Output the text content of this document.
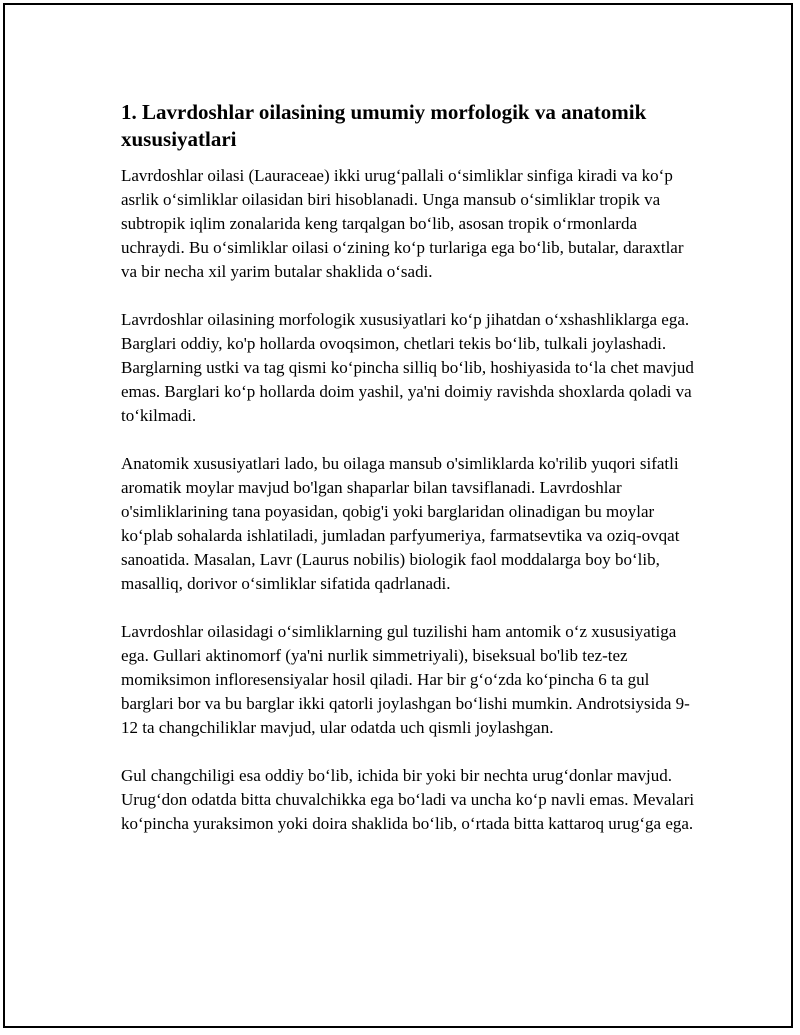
1. Lavrdoshlar oilasining umumiy morfologik va anatomik xususiyatlari

Lavrdoshlar oilasi (Lauraceae) ikki urug‘pallali o‘simliklar sinfiga kiradi va ko‘p asrlik o‘simliklar oilasidan biri hisoblanadi. Unga mansub o‘simliklar tropik va subtropik iqlim zonalarida keng tarqalgan bo‘lib, asosan tropik o‘rmonlarda uchraydi. Bu o‘simliklar oilasi o‘zining ko‘p turlariga ega bo‘lib, butalar, daraxtlar va bir necha xil yarim butalar shaklida o‘sadi.

Lavrdoshlar oilasining morfologik xususiyatlari ko‘p jihatdan o‘xshashliklarga ega. Barglari oddiy, ko'p hollarda ovoqsimon, chetlari tekis bo‘lib, tulkali joylashadi. Barglarning ustki va tag qismi ko‘pincha silliq bo‘lib, hoshiyasida to‘la chet mavjud emas. Barglari ko‘p hollarda doim yashil, ya'ni doimiy ravishda shoxlarda qoladi va to‘kilmadi.

Anatomik xususiyatlari lado, bu oilaga mansub o'simliklarda ko'rilib yuqori sifatli aromatik moylar mavjud bo'lgan shaparlar bilan tavsiflanadi. Lavrdoshlar o'simliklarining tana poyasidan, qobig'i yoki barglaridan olinadigan bu moylar ko‘plab sohalarda ishlatiladi, jumladan parfyumeriya, farmatsevtika va oziq-ovqat sanoatida. Masalan, Lavr (Laurus nobilis) biologik faol moddalarga boy bo‘lib, masalliq, dorivor o‘simliklar sifatida qadrlanadi.

Lavrdoshlar oilasidagi o‘simliklarning gul tuzilishi ham antomik o‘z xususiyatiga ega. Gullari aktinomorf (ya'ni nurlik simmetriyali), biseksual bo'lib tez-tez momiksimon infloresensiyalar hosil qiladi. Har bir g‘o‘zda ko‘pincha 6 ta gul barglari bor va bu barglar ikki qatorli joylashgan bo‘lishi mumkin. Androtsiysida 9-12 ta changchiliklar mavjud, ular odatda uch qismli joylashgan.

Gul changchiligi esa oddiy bo‘lib, ichida bir yoki bir nechta urug‘donlar mavjud. Urug‘don odatda bitta chuvalchikka ega bo‘ladi va uncha ko‘p navli emas. Mevalari ko‘pincha yuraksimon yoki doira shaklida bo‘lib, o‘rtada bitta kattaroq urug‘ga ega.
